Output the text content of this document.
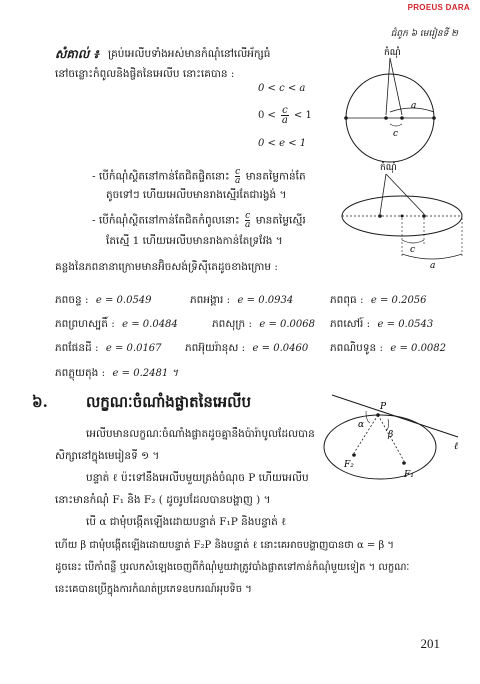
PROEUS DARA
ជំពូក ៦ មេរៀនទី ២
សំគាល់ ៖ គ្រប់អេលីបទាំងអស់មានកំណុំនៅលើអ័ក្សធំ
នៅចន្លោះកំពូលនិងផ្ចិតនៃអេលីប នោះគេបាន :
0 < c < a
$0 < \frac{c}{a} < 1$
0 < e < 1
កំណុំ
a
c
- បើកំណុំស្ថិតនៅកាន់តែជិតផ្ចិតនោះ $\frac{c}{a}$ មានតម្លៃកាន់តែ
តូចទៅៗ ហើយអេលីបមានរាងស្មើរតែជារង្វង់ ។
- បើកំណុំស្ថិតនៅកាន់តែជិតកំពូលនោះ $\frac{c}{a}$ មានតម្លៃស្មើរ
តែស្មើ 1 ហើយអេលីបមានរាងកាន់តែទ្រវែង ។
កំណុំ
c
a
គន្លងនៃភពនានាក្រោមមានអ៊ិចសង់ទ្រិស៊ីតេដូចខាងក្រោម :
ភពចន្ទ : e = 0.0549	ភពអង្គារ : e = 0.0934	ភពពុធ : e = 0.2056
ភពព្រហស្បតិ៍ : e = 0.0484	ភពសុក្រ : e = 0.0068 ភពសៅរ៍ : e = 0.0543
ភពផែនដី : e = 0.0167 ភពអ៊ុយរ៉ានុស : e = 0.0460 ភពណិបទូន : e = 0.0082
ភពភ្លុយតុង : e = 0.2481 ។
៦.	លក្ខណៈចំណាំងផ្លាតនៃអេលីប
អេលីបមានលក្ខណៈចំណាំងផ្លាតដូចគ្នានឹងប៉ារ៉ាបូលដែលបាន
សិក្សានៅក្នុងមេរៀនទី ១ ។
បន្ទាត់ ℓ ប៉ះទៅនឹងអេលីបមួយត្រង់ចំណុច P ហើយអេលីប
នោះមានកំណុំ F₁ និង F₂ ( ដូចរូបដែលបានបង្ហាញ ) ។
បើ α ជាមុំបង្កើតឡើងដោយបន្ទាត់ F₁P និងបន្ទាត់ ℓ
ហើយ β ជាមុំបង្កើតឡើងដោយបន្ទាត់ F₂P និងបន្ទាត់ ℓ នោះគេអាចបង្ហាញបានថា α = β ។
ដូចនេះ បើកាំពន្លឺ ឬរលកសំឡេងចេញពីកំណុំមួយវាត្រូវបាំងផ្លាតទៅកាន់កំណុំមួយទៀត ។ លក្ខណៈ
នេះគេបានប្រើក្នុងការកំណត់ប្រភេទឧបករណ៍អុបទិច ។
P
α
β
F₂
F₁
ℓ
201
